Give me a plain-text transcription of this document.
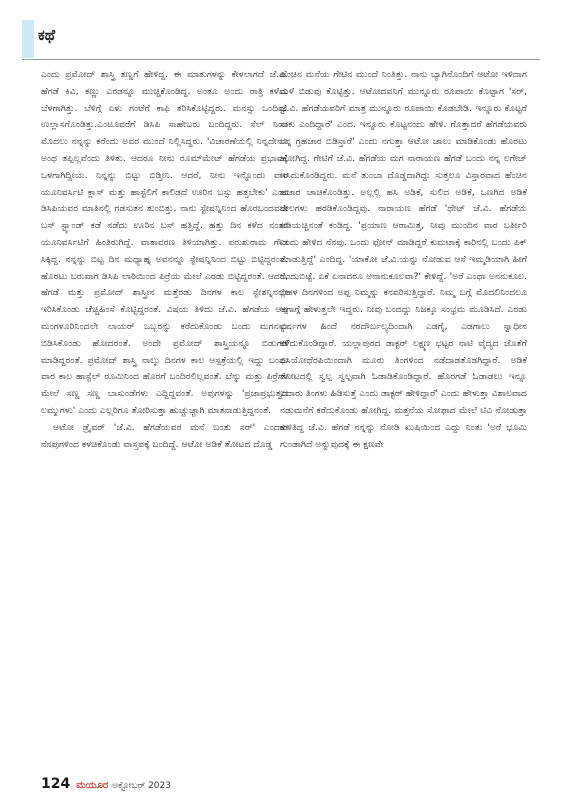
ಕಥೆ

ಎಂದು ಪ್ರಮೋದ್ ಶಾಸ್ತ್ರಿ ತಣ್ಣಗೆ ಹೇಳಿದ್ದ. ಈ ಮಾತುಗಳನ್ನು ಕೇಳಲಾಗದೆ ಜೆ.ವಿ. ಹೆಗಡೆ ಕಿವಿ, ಕಣ್ಣು ಎರಡನ್ನೂ ಮುಚ್ಚಿಕೊಂಡಿದ್ದ. ಅಂತೂ ಅಂದು ರಾತ್ರಿ ಕಳೆದು ಬೆಳಗಾಗಿತ್ತು. ಬೆಳಿಗ್ಗೆ ಏಳು ಗಂಟೆಗೆ ಕಾಫಿ ತರಿಸಿಕೊಟ್ಟಿದ್ದರು. ಮನಸ್ಸು ಒಂದಿಷ್ಟು ಉಲ್ಲಾಸಗೊಂಡಿತ್ತು.ಎಂಟೂವರೆಗೆ ಡಿಸಿಪಿ ಸಾಹೇಬರು ಬಂದಿದ್ದರು. ಸೆಲ್ ನಿಂದ ಮೊದಲು ನನ್ನನ್ನು ಕರೆಂದು ಅವರ ಮುಂದೆ ನಿಲ್ಲಿಸಿದ್ದರು. 'ವಿಚಾರಣೆಯಲ್ಲಿ ನಿನ್ನದೇನೂ ಅಂಥ ತಪ್ಪಿಲ್ಲವೆಂದು ತಿಳಿತು. ಆದರೂ ನೀನು ರೂಮ್‌ಮೇಟ್ ಹೆಗಡೆಯ ಪ್ರಭಾವಕ್ಕೆ ಒಳಗಾಗಿದ್ದೀಯ. ನಿನ್ನನ್ನು ಬಿಟ್ಟು ಬಿಡ್ತೀನಿ. ಆದರೆ, ನೀನು ಇನ್ನೊಂದು ವಾರ ಯೂನಿವರ್ಸಿಟಿ ಕ್ಲಾಸ್ ಮತ್ತು ಹಾಸ್ಟೆಲಿಗೆ ಕಾಲಿಡದೆ ಊರಿನ ಬಸ್ಸು ಹತ್ತಬೇಕು' ಎಂದ ಡಿಸಿಪಿಯವರ ಮಾತಿನಲ್ಲಿ ಗಡಸುತನ ತುಂಬಿತ್ತು. ನಾನು ಸ್ಟೇಷನ್ನಿನಿಂದ ಹೊರಬಂದವನೇ ಬಸ್ ಸ್ಟ್ಯಾಂಡ್ ಕಡೆ ನಡೆದು ಊರಿನ ಬಸ್ ಹತ್ತಿದ್ದೆ. ಹತ್ತು ದಿನ ಕಳೆದ ನಂತರ ಯೂನಿವರ್ಸಿಟಿಗೆ ಹಿಂತಿರುಗಿದ್ದೆ. ವಾತಾವರಣ ತಿಳಿಯಾಗಿತ್ತು. ಪರುಶುರಾಮ ಗೌಡ ಸಿಕ್ಕಿದ್ದ. ನನ್ನನ್ನು ಬಿಟ್ಟ ದಿನ ಮಧ್ಯಾಹ್ನ ಅವನನ್ನೂ ಸ್ಟೇಷನ್ನಿನಿಂದ ಬಿಟ್ಟು ಬಿಟ್ಟಿದ್ದರಂತೆ. ಹೊರಟು ಬರುವಾಗ ಡಿಸಿಪಿ ಲಾಠಿಯಿಂದ ಪಿರ್ರೆಯ ಮೇಲೆ ಎರಡು ಬಿಟ್ಟಿದ್ದರಂತೆ. ಆದರೆ, ಹೆಗಡೆ ಮತ್ತು ಪ್ರಮೋದ್ ಶಾಸ್ತ್ರೀನ ಮತ್ತೆರಡು ದಿನಗಳ ಕಾಲ ಸ್ಟೇಶನ್ನಿನಲ್ಲೇ ಇರಿಸಿಕೊಂಡು ಚೆಚ್ಚಿಹಿಂಸೆ ಕೊಟ್ಟಿದ್ದರಂತೆ. ವಿಷಯ ತಿಳಿದು ಜೆ.ವಿ. ಹೆಗಡೆಯ ಅಪ್ಪ ಮಂಗಳೂರಿನಿಂದಲೇ ಲಾಯರ್ ಒಬ್ಬರನ್ನು ಕರೆದುಕೊಂಡು ಬಂದು ಮಗನನ್ನು ಬಿಡಿಸಿಕೊಂಡು ಹೋದರಂತೆ. ಅಂದೇ ಪ್ರಮೋದ್ ಶಾಸ್ತ್ರಿಯನ್ನೂ ಬಿಡುಗಡೆ ಮಾಡಿದ್ದರಂತೆ. ಪ್ರಮೋದ್ ಶಾಸ್ತ್ರಿ ನಾಲ್ಕು ದಿನಗಳ ಕಾಲ ಆಸ್ಪತ್ರೆಯಲ್ಲಿ ಇದ್ದು ಬಂದು ವಾರ ಕಾಲ ಹಾಸ್ಟೆಲ್ ರೂಮಿನಿಂದ ಹೊರಗೆ ಬಂದಿರಲಿಲ್ಲವಂತೆ. ಬೆನ್ನು ಮತ್ತು ಪಿರ್ರೆಗಳ ಮೇಲೆ ಸಣ್ಣ ಸಣ್ಣ ಬಾಸುಂಡೆಗಳು ಎದ್ದಿದ್ದವಂತೆ. ಅವುಗಳನ್ನು 'ಪ್ರಜಾಪ್ರಭುತ್ವದ ಲಮ್ಮುಗಳು' ಎಂದು ಎಲ್ಲರಿಗೂ ತೋರಿಸುತ್ತಾ ಹುಚ್ಚುಚ್ಚಾಗಿ ಮಾತನಾಡುತ್ತಿದ್ದನಂತೆ.

ಆಟೋ ಡ್ರೈವರ್ 'ಜೆ.ವಿ. ಹೆಗಡೆಯವರ ಮನೆ ಬಂತು ಸರ್' ಎಂದಾಗ ನೆನಪುಗಳಿಂದ ಕಳಚಿಕೊಂಡು ವಾಸ್ತವಕ್ಕೆ ಬಂದಿದ್ದೆ. ಆಟೋ ಅಡಿಕೆ ತೋಟದ ದೊಡ್ಡ

ಹೆಂಚಿನ ಮನೆಯ ಗೇಟಿನ ಮುಂದೆ ನಿಂತಿತ್ತು. ನಾನು ಬ್ಯಾಗಿನೊಂದಿಗೆ ಆಟೋ ಇಳಿದಾಗ ಮಳೆ ಬಿಡುವು ಕೊಟ್ಟಿತ್ತು. ಆಟೋದವನಿಗೆ ಮುನ್ನೂರು ರೂಪಾಯಿ ಕೊಟ್ಟಾಗ 'ಸರ್, ಜೆ.ವಿ. ಹೆಗಡೆಯವರಿಗೆ ಮಾತ್ರ ಮುನ್ನೂರು ರೂಪಾಯಿ ಕೊಡಬೇಡಿ. ಇನ್ನೂರು ಕೊಟ್ಟರೆ ಸಾಕು ಎಂದಿದ್ದಾರೆ' ಎಂದ. ಇನ್ನೂರು ಕೊಟ್ಟನಂದು ಹೇಳಿ. ಗೊತ್ತಾದರೆ ಹೆಗಡೆಯವರು ನನ್ನ ಗ್ರಹಚಾರ ಬಿಡಿಸ್ತಾರೆ' ಎಂದು ನಗುತ್ತಾ ಆಟೋ ಚಾಲು ಮಾಡಿಕೊಂಡು ಹೊರಟು ಹೋಗಿದ್ದ. ಗೇಟಿಗೆ ಜೆ.ವಿ. ಹೆಗಡೆಯ ಮಗ ನಾರಾಯಣ ಹೆಗಡೆ ಬಂದು ನನ್ನ ಲಗೇಜ್ ಇಸಿದುಕೊಂಡಿದ್ದರು. ಮನೆ ತುಂಬಾ ದೊಡ್ಡದಾಗಿದ್ದು ಸುತ್ತಲೂ ವಿಸ್ತಾರವಾದ ಹೆಂಚಿನ ಹಜಾರ ಚಾಚಿಕೊಂಡಿತ್ತು. ಅಲ್ಲಲ್ಲಿ ಹಸಿ ಅಡಿಕೆ, ಸುಲಿದ ಅಡಿಕೆ, ಒಣಗಿದ ಅಡಿಕೆ ಚೀಲಗಳು ಹರಡಿಕೊಂಡಿದ್ದವು. ನಾರಾಯಣ ಹೆಗಡೆ 'ಥೇಟ್ ಜೆ.ವಿ. ಹೆಗಡೆಯ ಪಡಿಯಚ್ಚಿನಂತೆ ಕಂಡಿದ್ದ. 'ಪ್ರಯಾಣ ಆರಾಮಿತ್ತ, ನೀವು ಮುಂದಿನ ವಾರ ಬರ್ತೀರಿ ಎಂದು ಹೇಳಿದ ನೆನಪು. ಒಂದು ಫೋನ್ ಮಾಡಿದ್ದರೆ ಕುಮಟಾಕ್ಕೆ ಕಾರಿನಲ್ಲಿ ಬಂದು ಪಿಕ್ ಮಾಡುತ್ತಿದ್ದೆ' ಎಂದಿದ್ದ. 'ಯಾಕೋ ಜೆ.ವಿ.ಯನ್ನು ನೋಡುವ ಆಸೆ ಇಮ್ಮಡಿಯಾಗಿ ಹೀಗೆ ಬಂದುಬಿಟ್ಟೆ. ಏಕೆ ಏನಾದರೂ ಅನಾನುಕೂಲವಾ?' ಕೇಳಿದ್ದೆ. 'ಅರೆ ಎಂಥಾ ಅನನುಕೂಲ. ಬಹಳ ದಿನಗಳಿಂದ ಅಪ್ಪ ನಿಮ್ಮನ್ನು ಕನವರಿಸುತ್ತಿದ್ದಾರೆ. ನಿಮ್ಮ ಬಗ್ಗೆ ಮೊದಲಿನಿಂದಲೂ ಆಗಾಗ್ಗೆ ಹೇಳುತ್ತಲೇ ಇದ್ದರು. ನೀವು ಬಂದದ್ದು ನಿಜಕ್ಕೂ ಸಂಭ್ರಮ ಮೂಡಿಸಿದೆ. ಎರಡು ವರ್ಷಗಳ ಹಿಂದೆ ನರದೌರ್ಬಲ್ಯದಿಂದಾಗಿ ಎಡಗೈ, ಎಡಗಾಲು ಸ್ವಾಧೀನ ಕಳೆದುಕೊಂಡಿದ್ದಾರೆ. ಯಲ್ಲಾಪುರದ ಡಾಕ್ಟರ್ ಲಕ್ಷ್ಮಣ ಭಟ್ಟರ ನಾಟಿ ವೈದ್ಯದ ಜೊತೆಗೆ ಫಿಸಿಯೋಥೆರಪಿಯಿಂದಾಗಿ ಮೂರು ತಿಂಗಳಿಂದ ನಡೆದಾಡತೊಡಗಿದ್ದಾರೆ. ಅಡಿಕೆ ತೋಟದಲ್ಲಿ ಸ್ವಲ್ಪ ಸ್ವಲ್ಪವಾಗಿ ಓಡಾಡಿಕೊಂಡಿದ್ದಾರೆ. ಹೊರಗಡೆ ಓಡಾಡಲು ಇನ್ನೂ ಐದಾರು ತಿಂಗಳು ಹಿಡಿಸುತ್ತೆ ಎಂದು ಡಾಕ್ಟರ್ ಹೇಳಿದ್ದಾರೆ' ಎಂದು ಹೇಳುತ್ತಾ ವಿಶಾಲವಾದ ನಡುಮನೆಗೆ ಕರೆದುಕೊಂಡು ಹೋಗಿದ್ದ. ಮತ್ತನೆಯ ಸೋಫಾದ ಮೇಲೆ ಟಿವಿ ನೋಡುತ್ತಾ ಕುಳಿತಿದ್ದ ಜೆ.ವಿ. ಹೆಗಡೆ ನನ್ನನ್ನು ನೋಡಿ ಖುಷಿಯಿಂದ ಎದ್ದು ನಿಂತು 'ಅರೆ ಭೂಮಿ ಗುಂಡಾಗಿದೆ ಅನ್ನುವುದಕ್ಕೆ ಈ ಕ್ಷಣವೇ

124 ಮಯೂರ ಅಕ್ಟೋಬರ್ 2023
